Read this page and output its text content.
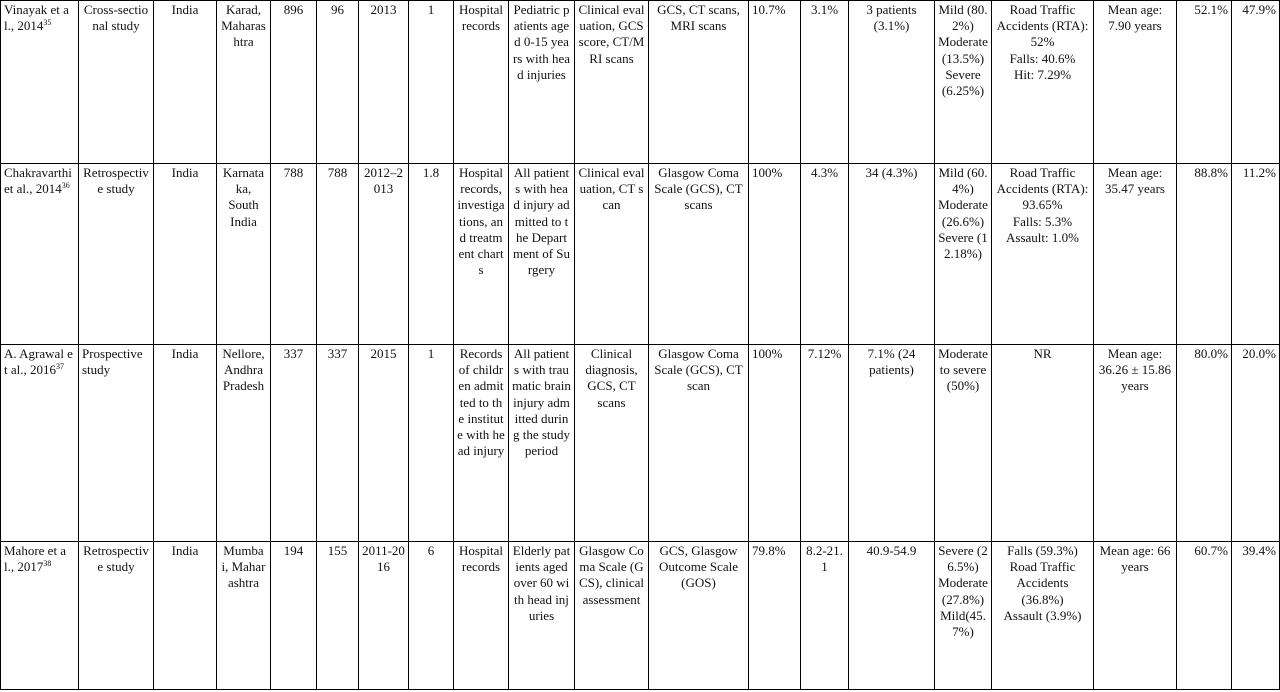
Vinayak et al., 2014$^{35}$	Cross-sectional study	India	Karad, Maharashtra	896	96	2013	1	Hospital records	Pediatric patients aged 0-15 years with head injuries	Clinical evaluation, GCS score, CT/MRI scans	GCS, CT scans, MRI scans	10.7%	3.1%	3 patients (3.1%)	Mild (80.2%)
Moderate (13.5%)
Severe (6.25%)	Road Traffic Accidents (RTA): 52%
Falls: 40.6%
Hit: 7.29%	Mean age: 7.90 years	52.1%	47.9%
Chakravarthi et al., 2014$^{36}$	Retrospective study	India	Karnataka, South India	788	788	2012–2013	1.8	Hospital records, investigations, and treatment charts	All patients with head injury admitted to the Department of Surgery	Clinical evaluation, CT scan	Glasgow Coma Scale (GCS), CT scans	100%	4.3%	34 (4.3%)	Mild (60.4%)
Moderate (26.6%)
Severe (12.18%)	Road Traffic Accidents (RTA): 93.65%
Falls: 5.3%
Assault: 1.0%	Mean age: 35.47 years	88.8%	11.2%
A. Agrawal et al., 2016$^{37}$	Prospective study	India	Nellore, Andhra Pradesh	337	337	2015	1	Records of children admitted to the institute with head injury	All patients with traumatic brain injury admitted during the study period	Clinical diagnosis, GCS, CT scans	Glasgow Coma Scale (GCS), CT scan	100%	7.12%	7.1% (24 patients)	Moderate to severe (50%)	NR	Mean age: 36.26 ± 15.86 years	80.0%	20.0%
Mahore et al., 2017$^{38}$	Retrospective study	India	Mumbai, Maharashtra	194	155	2011-2016	6	Hospital records	Elderly patients aged over 60 with head injuries	Glasgow Coma Scale (GCS), clinical assessment	GCS, Glasgow Outcome Scale (GOS)	79.8%	8.2-21.1	40.9-54.9	Severe (26.5%)
Moderate (27.8%)
Mild(45.7%)	Falls (59.3%)
Road Traffic Accidents (36.8%)
Assault (3.9%)	Mean age: 66 years	60.7%	39.4%
